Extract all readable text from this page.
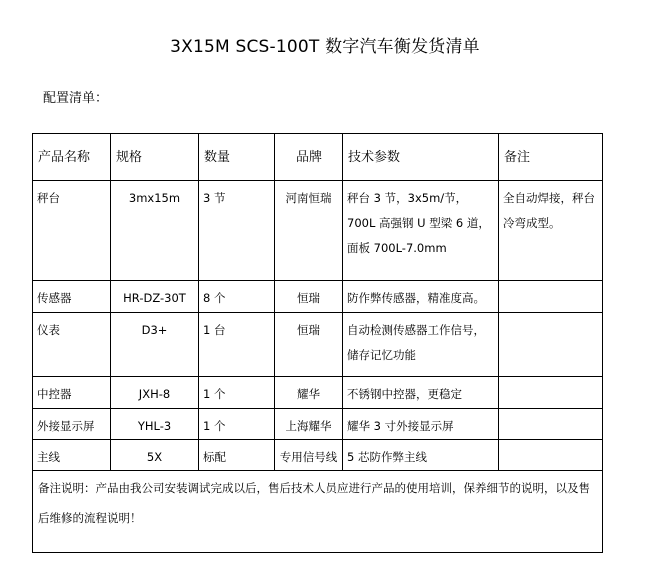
3X15M SCS-100T 数字汽车衡发货清单
配置清单：
产品名称	规格	数量	品牌	技术参数	备注
秤台	3mx15m	3 节	河南恒瑞	秤台 3 节，3x5m/节，700L 高强钢 U 型梁 6 道，面板 700L-7.0mm	全自动焊接，秤台冷弯成型。
传感器	HR-DZ-30T	8 个	恒瑞	防作弊传感器，精准度高。	
仪表	D3+	1 台	恒瑞	自动检测传感器工作信号，储存记忆功能	
中控器	JXH-8	1 个	耀华	不锈钢中控器，更稳定	
外接显示屏	YHL-3	1 个	上海耀华	耀华 3 寸外接显示屏	
主线	5X	标配	专用信号线	5 芯防作弊主线	
备注说明：产品由我公司安装调试完成以后，售后技术人员应进行产品的使用培训，保养细节的说明，以及售后维修的流程说明！					
